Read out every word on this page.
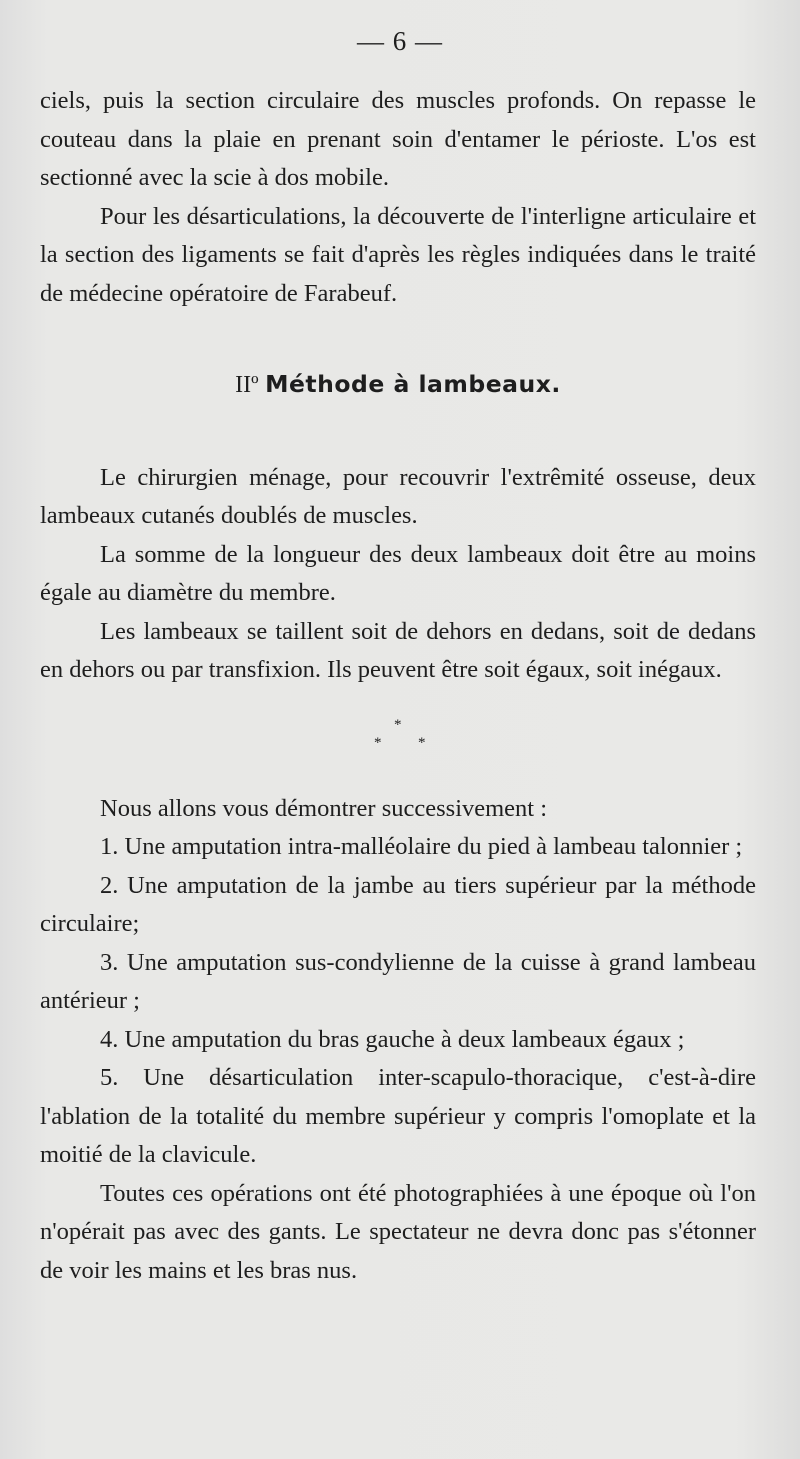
— 6 —

ciels, puis la section circulaire des muscles profonds. On repasse le couteau dans la plaie en prenant soin d'entamer le périoste. L'os est sectionné avec la scie à dos mobile.

Pour les désarticulations, la découverte de l'interligne articulaire et la section des ligaments se fait d'après les règles indiquées dans le traité de médecine opératoire de Farabeuf.

IIº Méthode à lambeaux.

Le chirurgien ménage, pour recouvrir l'extrêmité osseuse, deux lambeaux cutanés doublés de muscles.

La somme de la longueur des deux lambeaux doit être au moins égale au diamètre du membre.

Les lambeaux se taillent soit de dehors en dedans, soit de dedans en dehors ou par transfixion. Ils peuvent être soit égaux, soit inégaux.

*
* *

Nous allons vous démontrer successivement :

1. Une amputation intra-malléolaire du pied à lambeau talonnier ;

2. Une amputation de la jambe au tiers supérieur par la méthode circulaire;

3. Une amputation sus-condylienne de la cuisse à grand lambeau antérieur ;

4. Une amputation du bras gauche à deux lambeaux égaux ;

5. Une désarticulation inter-scapulo-thoracique, c'est-à-dire l'ablation de la totalité du membre supérieur y compris l'omoplate et la moitié de la clavicule.

Toutes ces opérations ont été photographiées à une époque où l'on n'opérait pas avec des gants. Le spectateur ne devra donc pas s'étonner de voir les mains et les bras nus.
